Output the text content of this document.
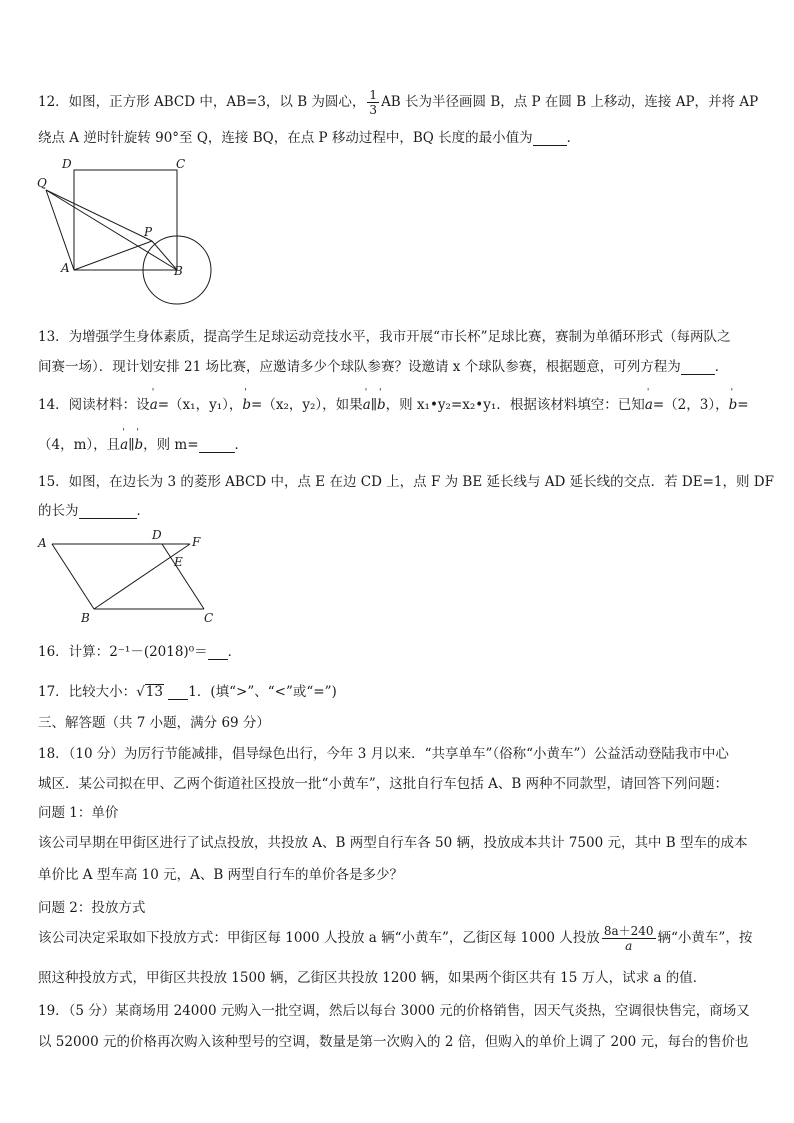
12．如图，正方形 ABCD 中，AB=3，以 B 为圆心， $\frac{1}{3}$ AB 长为半径画圆 B，点 P 在圆 B 上移动，连接 AP，并将 AP
绕点 A 逆时针旋转 90°至 Q，连接 BQ，在点 P 移动过程中，BQ 长度的最小值为	．
D	C
Q
P
A	B
13．为增强学生身体素质，提高学生足球运动竞技水平，我市开展“市长杯”足球比赛，赛制为单循环形式（每两队之
间赛一场）．现计划安排 21 场比赛，应邀请多少个球队参赛？设邀请 x 个球队参赛，根据题意，可列方程为	．
14．阅读材料：设' a=（x₁，y₁），' b=（x₂，y₂），如果' a∥' b，则 x₁•y₂=x₂•y₁．根据该材料填空：已知' a=（2，3），' b=
（4，m），且' a∥' b，则 m=	．
15．如图，在边长为 3 的菱形 ABCD 中，点 E 在边 CD 上，点 F 为 BE 延长线与 AD 延长线的交点．若 DE=1，则 DF
的长为	．
A
D	F
E
B	C
16．计算：2⁻¹－(2018)⁰＝ ．
17．比较大小：√13 1．(填“>”、“<”或“=”)
三、解答题（共 7 小题，满分 69 分）
18．（10 分）为厉行节能减排，倡导绿色出行，今年 3 月以来．“共享单车”（俗称“小黄车”）公益活动登陆我市中心
城区．某公司拟在甲、乙两个街道社区投放一批“小黄车”，这批自行车包括 A、B 两种不同款型，请回答下列问题：
问题 1：单价
该公司早期在甲街区进行了试点投放，共投放 A、B 两型自行车各 50 辆，投放成本共计 7500 元，其中 B 型车的成本
单价比 A 型车高 10 元，A、B 两型自行车的单价各是多少？
问题 2：投放方式
该公司决定采取如下投放方式：甲街区每 1000 人投放 a 辆“小黄车”，乙街区每 1000 人投放 $\frac{8a+240}{a}$ 辆“小黄车”，按
照这种投放方式，甲街区共投放 1500 辆，乙街区共投放 1200 辆，如果两个街区共有 15 万人，试求 a 的值．
19．（5 分）某商场用 24000 元购入一批空调，然后以每台 3000 元的价格销售，因天气炎热，空调很快售完，商场又
以 52000 元的价格再次购入该种型号的空调，数量是第一次购入的 2 倍，但购入的单价上调了 200 元，每台的售价也
